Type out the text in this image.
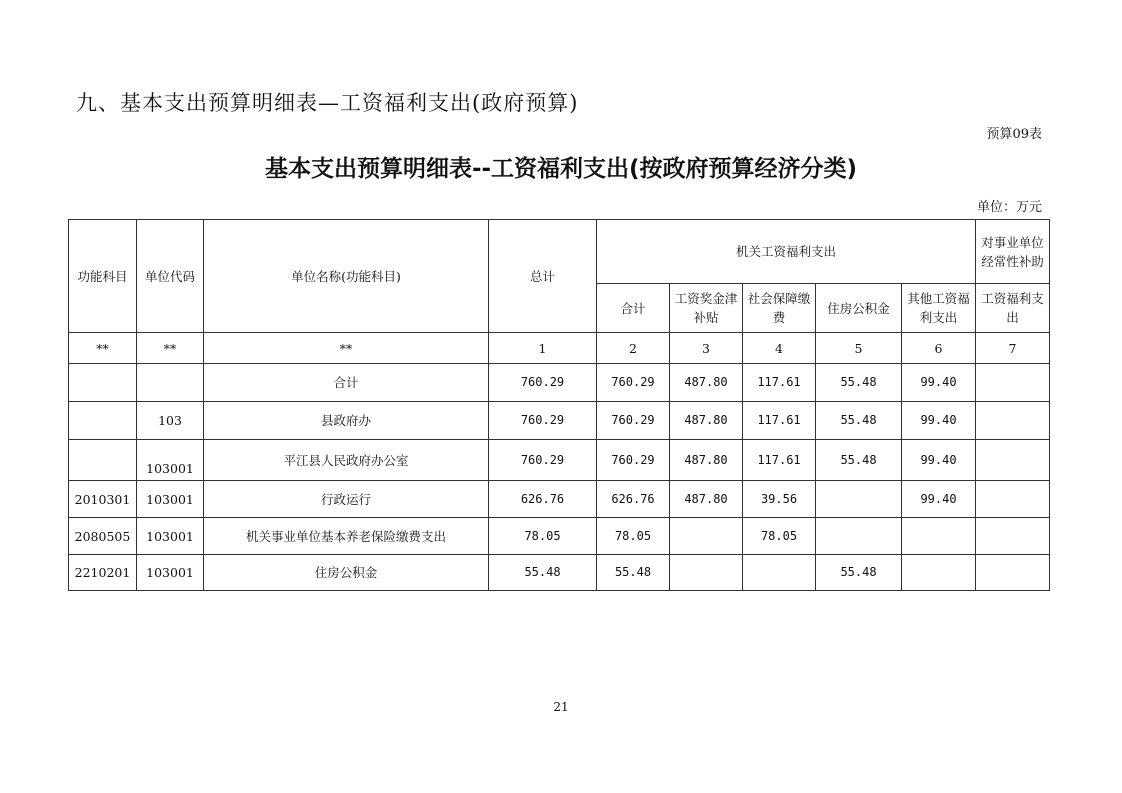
九、基本支出预算明细表—工资福利支出(政府预算)
预算09表
基本支出预算明细表--工资福利支出(按政府预算经济分类)
单位：万元
功能科目	单位代码	单位名称(功能科目)	总计	机关工资福利支出					对事业单位经常性补助
				合计	工资奖金津补贴	社会保障缴费	住房公积金	其他工资福利支出	工资福利支出
**	**	**	1	2	3	4	5	6	7
		合计	760.29	760.29	487.80	117.61	55.48	99.40	
	103	县政府办	760.29	760.29	487.80	117.61	55.48	99.40	
	103001	平江县人民政府办公室	760.29	760.29	487.80	117.61	55.48	99.40	
2010301	103001	行政运行	626.76	626.76	487.80	39.56		99.40	
2080505	103001	机关事业单位基本养老保险缴费支出	78.05	78.05		78.05			
2210201	103001	住房公积金	55.48	55.48			55.48		
21
